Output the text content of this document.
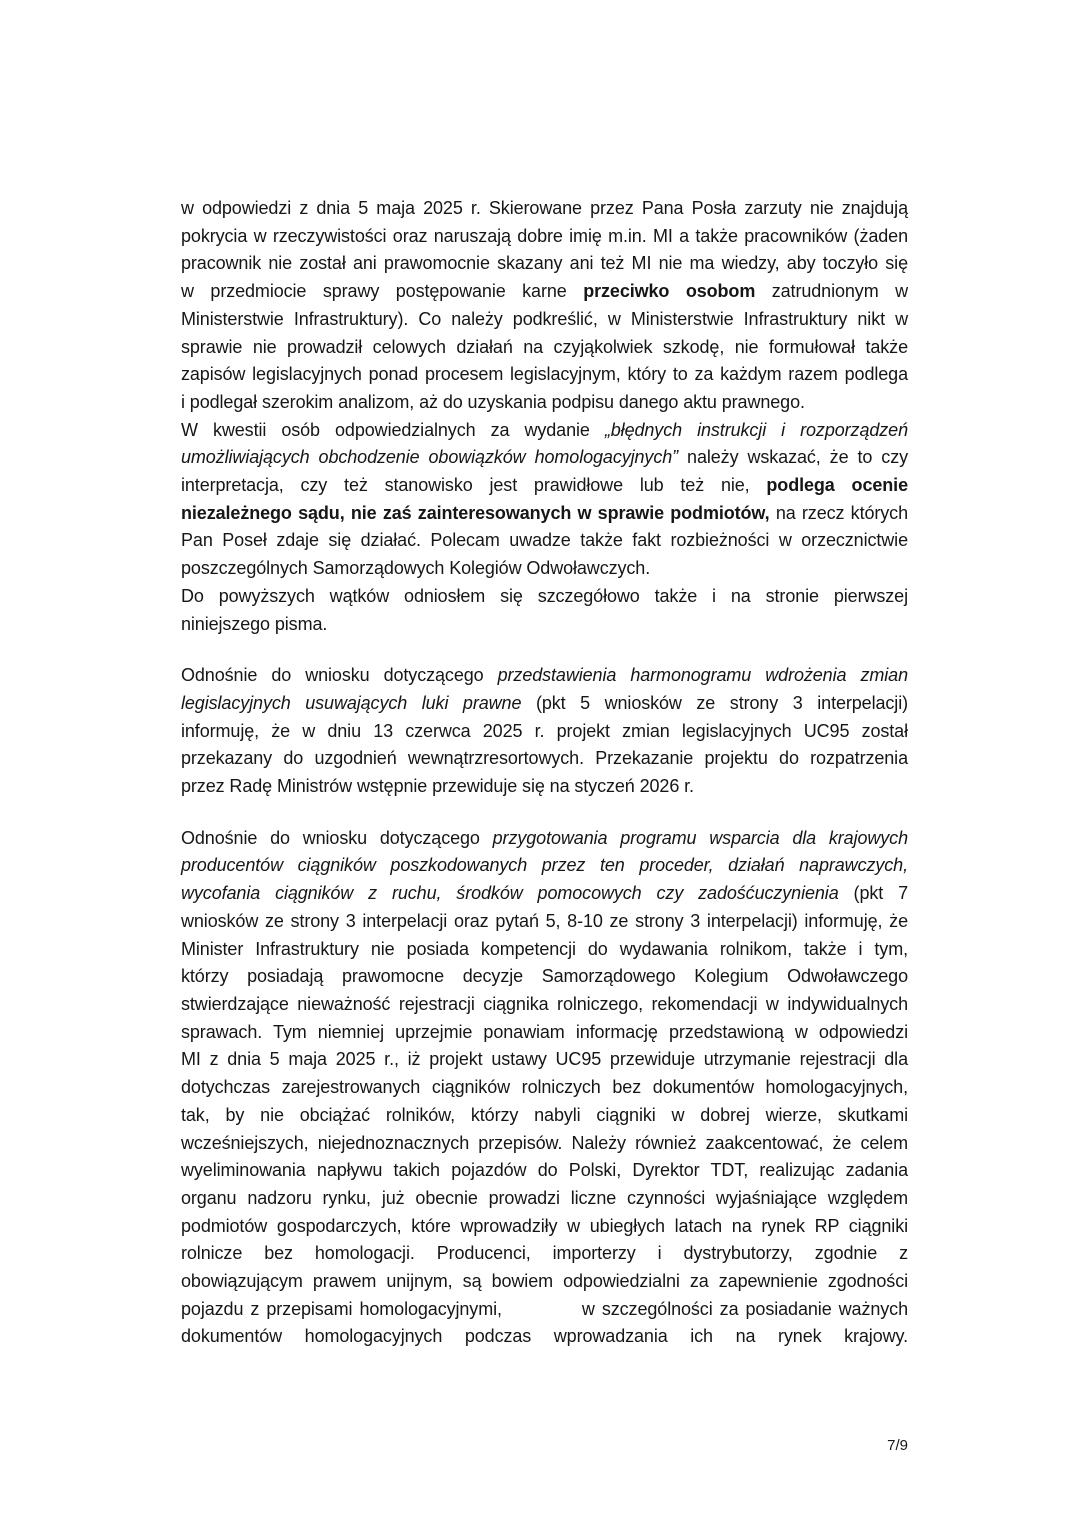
w odpowiedzi z dnia 5 maja 2025 r. Skierowane przez Pana Posła zarzuty nie znajdują
pokrycia w rzeczywistości oraz naruszają dobre imię m.in. MI a także pracowników (żaden
pracownik nie został ani prawomocnie skazany ani też MI nie ma wiedzy, aby toczyło się
w przedmiocie sprawy postępowanie karne przeciwko osobom zatrudnionym w
Ministerstwie Infrastruktury). Co należy podkreślić, w Ministerstwie Infrastruktury nikt w
sprawie nie prowadził celowych działań na czyjąkolwiek szkodę, nie formułował także
zapisów legislacyjnych ponad procesem legislacyjnym, który to za każdym razem podlega
i podlegał szerokim analizom, aż do uzyskania podpisu danego aktu prawnego.
W kwestii osób odpowiedzialnych za wydanie „błędnych instrukcji i rozporządzeń
umożliwiających obchodzenie obowiązków homologacyjnych” należy wskazać, że to czy
interpretacja, czy też stanowisko jest prawidłowe lub też nie, podlega ocenie
niezależnego sądu, nie zaś zainteresowanych w sprawie podmiotów, na rzecz których
Pan Poseł zdaje się działać. Polecam uwadze także fakt rozbieżności w orzecznictwie
poszczególnych Samorządowych Kolegiów Odwoławczych.
Do powyższych wątków odniosłem się szczegółowo także i na stronie pierwszej
niniejszego pisma.
Odnośnie do wniosku dotyczącego przedstawienia harmonogramu wdrożenia zmian
legislacyjnych usuwających luki prawne (pkt 5 wniosków ze strony 3 interpelacji)
informuję, że w dniu 13 czerwca 2025 r. projekt zmian legislacyjnych UC95 został
przekazany do uzgodnień wewnątrzresortowych. Przekazanie projektu do rozpatrzenia
przez Radę Ministrów wstępnie przewiduje się na styczeń 2026 r.
Odnośnie do wniosku dotyczącego przygotowania programu wsparcia dla krajowych
producentów ciągników poszkodowanych przez ten proceder, działań naprawczych,
wycofania ciągników z ruchu, środków pomocowych czy zadośćuczynienia (pkt 7
wniosków ze strony 3 interpelacji oraz pytań 5, 8-10 ze strony 3 interpelacji) informuję, że
Minister Infrastruktury nie posiada kompetencji do wydawania rolnikom, także i tym,
którzy posiadają prawomocne decyzje Samorządowego Kolegium Odwoławczego
stwierdzające nieważność rejestracji ciągnika rolniczego, rekomendacji w indywidualnych
sprawach. Tym niemniej uprzejmie ponawiam informację przedstawioną w odpowiedzi
MI z dnia 5 maja 2025 r., iż projekt ustawy UC95 przewiduje utrzymanie rejestracji dla
dotychczas zarejestrowanych ciągników rolniczych bez dokumentów homologacyjnych,
tak, by nie obciążać rolników, którzy nabyli ciągniki w dobrej wierze, skutkami
wcześniejszych, niejednoznacznych przepisów. Należy również zaakcentować, że celem
wyeliminowania napływu takich pojazdów do Polski, Dyrektor TDT, realizując zadania
organu nadzoru rynku, już obecnie prowadzi liczne czynności wyjaśniające względem
podmiotów gospodarczych, które wprowadziły w ubiegłych latach na rynek RP ciągniki
rolnicze bez homologacji. Producenci, importerzy i dystrybutorzy, zgodnie z
obowiązującym prawem unijnym, są bowiem odpowiedzialni za zapewnienie zgodności
pojazdu z przepisami homologacyjnymi,	w szczególności za posiadanie ważnych
dokumentów homologacyjnych podczas wprowadzania ich na rynek krajowy.
7/9
